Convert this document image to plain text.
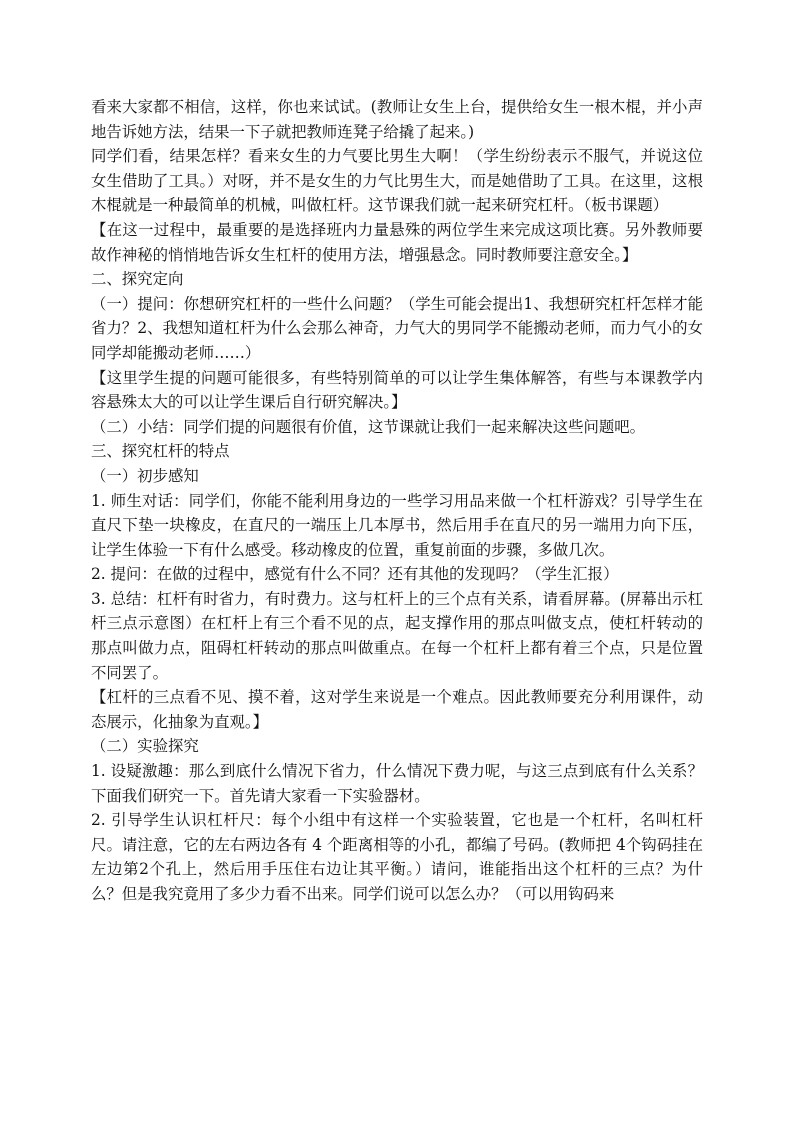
看来大家都不相信，这样，你也来试试。(教师让女生上台，提供给女生一根木棍，并小声地告诉她方法，结果一下子就把教师连凳子给撬了起来。)

同学们看，结果怎样？看来女生的力气要比男生大啊！（学生纷纷表示不服气，并说这位女生借助了工具。）对呀，并不是女生的力气比男生大，而是她借助了工具。在这里，这根木棍就是一种最简单的机械，叫做杠杆。这节课我们就一起来研究杠杆。（板书课题）

【在这一过程中，最重要的是选择班内力量悬殊的两位学生来完成这项比赛。另外教师要故作神秘的悄悄地告诉女生杠杆的使用方法，增强悬念。同时教师要注意安全。】

二、探究定向

（一）提问：你想研究杠杆的一些什么问题？（学生可能会提出1、我想研究杠杆怎样才能省力？2、我想知道杠杆为什么会那么神奇，力气大的男同学不能搬动老师，而力气小的女同学却能搬动老师……）

【这里学生提的问题可能很多，有些特别简单的可以让学生集体解答，有些与本课教学内容悬殊太大的可以让学生课后自行研究解决。】

（二）小结：同学们提的问题很有价值，这节课就让我们一起来解决这些问题吧。

三、探究杠杆的特点

（一）初步感知

1. 师生对话：同学们，你能不能利用身边的一些学习用品来做一个杠杆游戏？引导学生在直尺下垫一块橡皮，在直尺的一端压上几本厚书，然后用手在直尺的另一端用力向下压，让学生体验一下有什么感受。移动橡皮的位置，重复前面的步骤，多做几次。

2. 提问：在做的过程中，感觉有什么不同？还有其他的发现吗？（学生汇报）

3. 总结：杠杆有时省力，有时费力。这与杠杆上的三个点有关系，请看屏幕。(屏幕出示杠杆三点示意图）在杠杆上有三个看不见的点，起支撑作用的那点叫做支点，使杠杆转动的那点叫做力点，阻碍杠杆转动的那点叫做重点。在每一个杠杆上都有着三个点，只是位置不同罢了。

【杠杆的三点看不见、摸不着，这对学生来说是一个难点。因此教师要充分利用课件，动态展示，化抽象为直观。】

（二）实验探究

1. 设疑激趣：那么到底什么情况下省力，什么情况下费力呢，与这三点到底有什么关系？下面我们研究一下。首先请大家看一下实验器材。

2. 引导学生认识杠杆尺：每个小组中有这样一个实验装置，它也是一个杠杆，名叫杠杆尺。请注意，它的左右两边各有 4 个距离相等的小孔，都编了号码。(教师把 4个钩码挂在左边第2个孔上，然后用手压住右边让其平衡。）请问，谁能指出这个杠杆的三点？为什么？但是我究竟用了多少力看不出来。同学们说可以怎么办？（可以用钩码来
